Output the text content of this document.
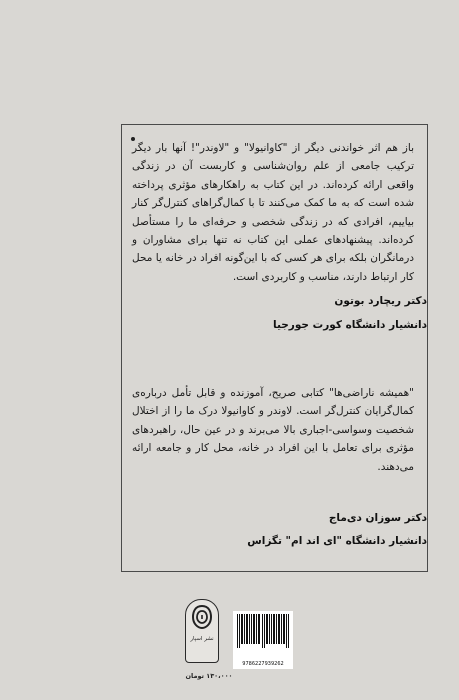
باز هم اثر خواندنی دیگر از "کاوانیولا" و "لاوندر"! آنها بار دیگر ترکیب جامعی از علم روان‌شناسی و کاربست آن در زندگی واقعی ارائه کرده‌اند. در این کتاب به راهکارهای مؤثری پرداخته شده است که به ما کمک می‌کنند تا با کمال‌گراهای کنترل‌گر کنار بیاییم، افرادی که در زندگی شخصی و حرفه‌ای ما را مستأصل کرده‌اند. پیشنهادهای عملی این کتاب نه تنها برای مشاوران و درمانگران بلکه برای هر کسی که با این‌گونه افراد در خانه یا محل کار ارتباط دارند، مناسب و کاربردی است.

دکتر ریچارد بوتون
دانشیار دانشگاه کورت جورجیا

"همیشه ناراضی‌ها" کتابی صریح، آموزنده و قابل تأمل درباره‌ی کمال‌گرایان کنترل‌گر است. لاوندر و کاوانیولا درک ما را از اختلال شخصیت وسواسی-اجباری بالا می‌برند و در عین حال، راهبردهای مؤثری برای تعامل با این افراد در خانه، محل کار و جامعه ارائه می‌دهند.

دکتر سوزان دی‌ماج
دانشیار دانشگاه "ای اند ام" تگزاس
نشر اسپار
9786227939262
۱۳۰،۰۰۰ تومان
